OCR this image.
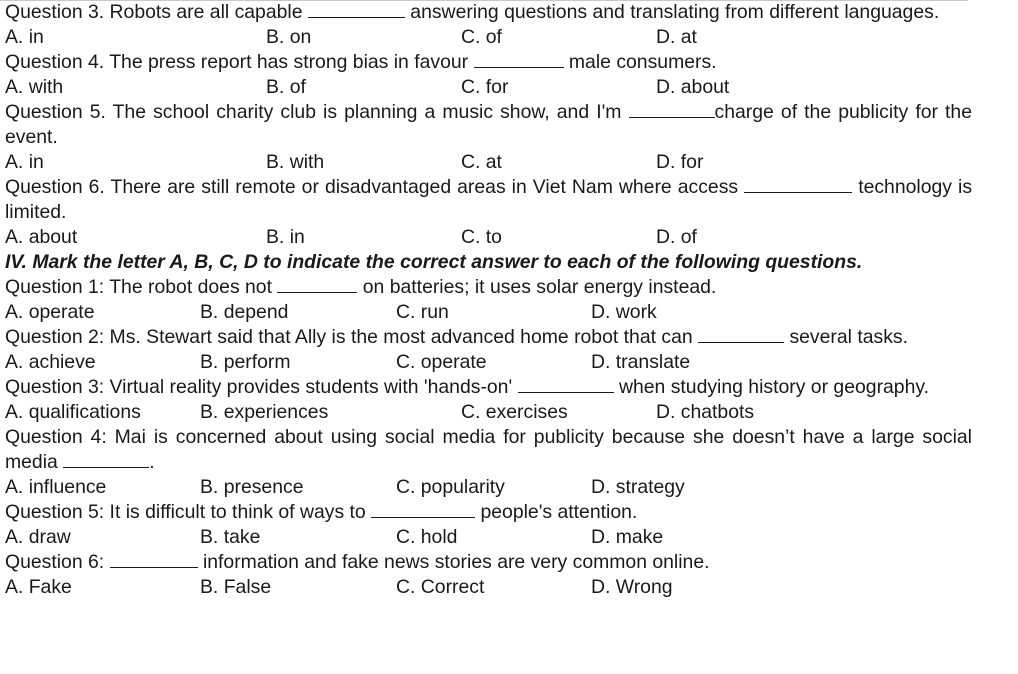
Question 3. Robots are all capable	answering questions and translating from different languages.

A. in	B. on	C. of	D. at

Question 4. The press report has strong bias in favour	male consumers.

A. with	B. of	C. for	D. about

Question 5. The school charity club is planning a music show, and I'm	charge of the publicity for the event.

A. in	B. with	C. at	D. for

Question 6. There are still remote or disadvantaged areas in Viet Nam where access	technology is limited.

A. about	B. in	C. to	D. of

IV. Mark the letter A, B, C, D to indicate the correct answer to each of the following questions.

Question 1: The robot does not	on batteries; it uses solar energy instead.

A. operate	B. depend	C. run	D. work

Question 2: Ms. Stewart said that Ally is the most advanced home robot that can	several tasks.

A. achieve	B. perform	C. operate	D. translate

Question 3: Virtual reality provides students with 'hands-on'	when studying history or geography.

A. qualifications	B. experiences	C. exercises	D. chatbots

Question 4: Mai is concerned about using social media for publicity because she doesn’t have a large social media	.

A. influence	B. presence	C. popularity	D. strategy

Question 5: It is difficult to think of ways to	people's attention.

A. draw	B. take	C. hold	D. make

Question 6:	information and fake news stories are very common online.

A. Fake	B. False	C. Correct	D. Wrong
